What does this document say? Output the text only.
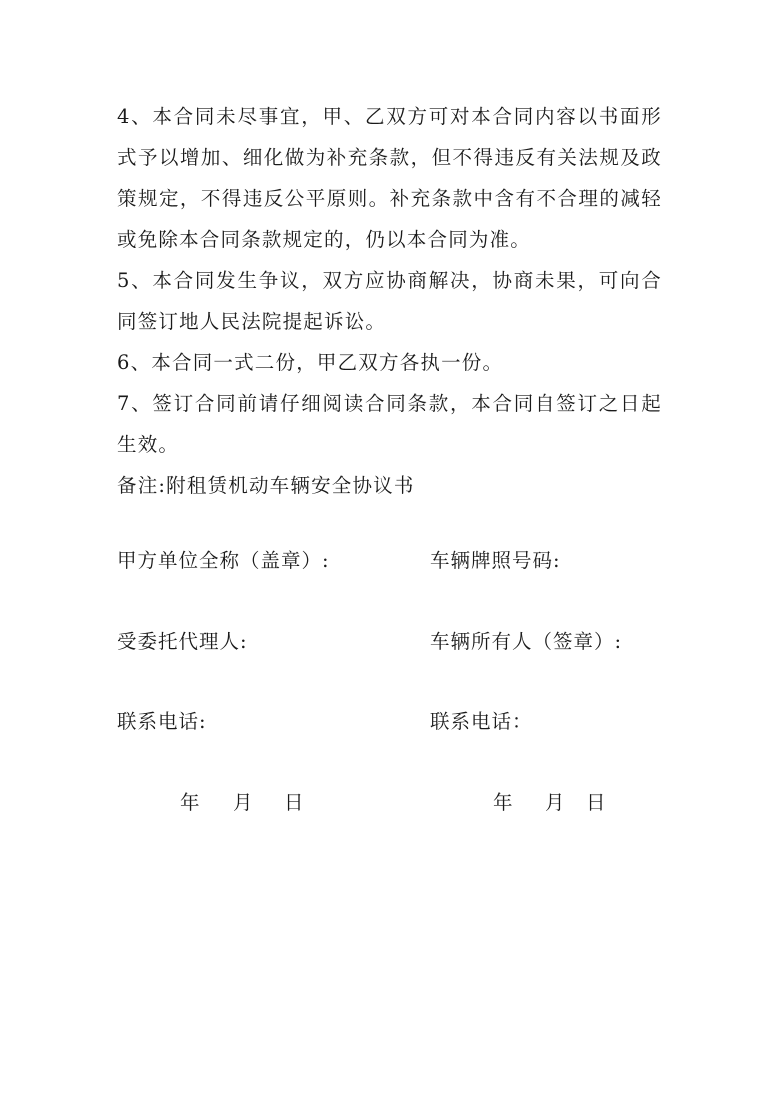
4、本合同未尽事宜，甲、乙双方可对本合同内容以书面形式予以增加、细化做为补充条款，但不得违反有关法规及政策规定，不得违反公平原则。补充条款中含有不合理的减轻或免除本合同条款规定的，仍以本合同为准。

5、本合同发生争议，双方应协商解决，协商未果，可向合同签订地人民法院提起诉讼。

6、本合同一式二份，甲乙双方各执一份。

7、签订合同前请仔细阅读合同条款，本合同自签订之日起生效。

备注:附租赁机动车辆安全协议书

甲方单位全称（盖章）:	车辆牌照号码:
受委托代理人:	车辆所有人（签章）:
联系电话:	联系电话：
年 月 日	年 月 日
